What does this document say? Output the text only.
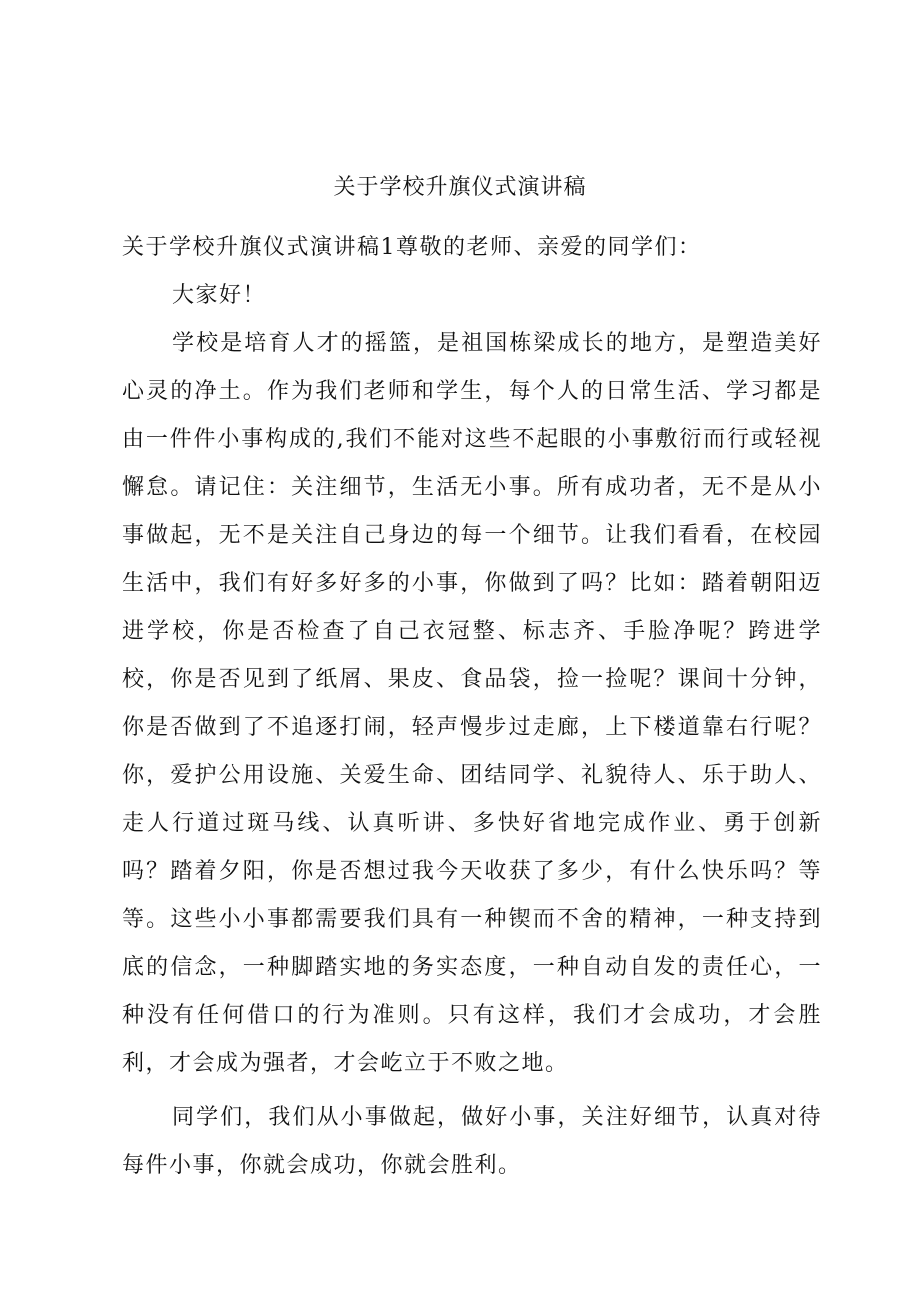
关于学校升旗仪式演讲稿

关于学校升旗仪式演讲稿1尊敬的老师、亲爱的同学们：

大家好！

学校是培育人才的摇篮，是祖国栋梁成长的地方，是塑造美好心灵的净土。作为我们老师和学生，每个人的日常生活、学习都是由一件件小事构成的,我们不能对这些不起眼的小事敷衍而行或轻视懈怠。请记住：关注细节，生活无小事。所有成功者，无不是从小事做起，无不是关注自己身边的每一个细节。让我们看看，在校园生活中，我们有好多好多的小事，你做到了吗？比如：踏着朝阳迈进学校，你是否检查了自己衣冠整、标志齐、手脸净呢？跨进学校，你是否见到了纸屑、果皮、食品袋，捡一捡呢？课间十分钟，你是否做到了不追逐打闹，轻声慢步过走廊，上下楼道靠右行呢？你，爱护公用设施、关爱生命、团结同学、礼貌待人、乐于助人、走人行道过斑马线、认真听讲、多快好省地完成作业、勇于创新吗？踏着夕阳，你是否想过我今天收获了多少，有什么快乐吗？等等。这些小小事都需要我们具有一种锲而不舍的精神，一种支持到底的信念，一种脚踏实地的务实态度，一种自动自发的责任心，一种没有任何借口的行为准则。只有这样，我们才会成功，才会胜利，才会成为强者，才会屹立于不败之地。

同学们，我们从小事做起，做好小事，关注好细节，认真对待每件小事，你就会成功，你就会胜利。
